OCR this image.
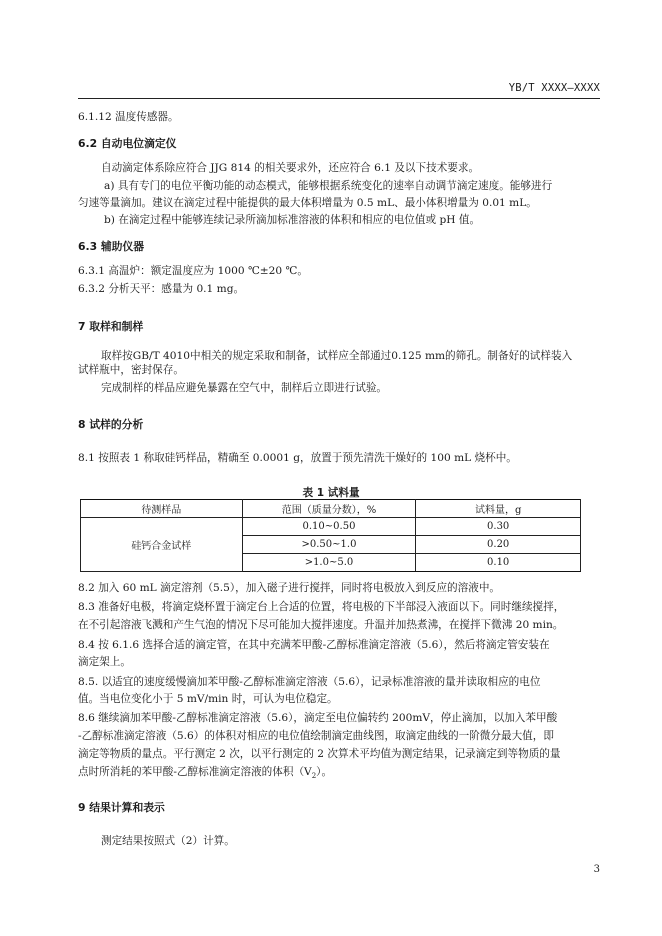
YB/T XXXX—XXXX
6.1.12 温度传感器。
6.2 自动电位滴定仪
自动滴定体系除应符合 JJG 814 的相关要求外，还应符合 6.1 及以下技术要求。
a) 具有专门的电位平衡功能的动态模式，能够根据系统变化的速率自动调节滴定速度。能够进行
匀速等量滴加。建议在滴定过程中能提供的最大体积增量为 0.5 mL、最小体积增量为 0.01 mL。
b) 在滴定过程中能够连续记录所滴加标准溶液的体积和相应的电位值或 pH 值。
6.3 辅助仪器
6.3.1 高温炉：额定温度应为 1000 ℃±20 ℃。
6.3.2 分析天平：感量为 0.1 mg。
7 取样和制样
取样按GB/T 4010中相关的规定采取和制备，试样应全部通过0.125 mm的筛孔。制备好的试样装入
试样瓶中，密封保存。
完成制样的样品应避免暴露在空气中，制样后立即进行试验。
8 试样的分析
8.1 按照表 1 称取硅钙样品，精确至 0.0001 g，放置于预先清洗干燥好的 100 mL 烧杯中。
表 1 试料量
待测样品	范围（质量分数），%	试料量，g
硅钙合金试样	0.10~0.50	0.30
	>0.50~1.0	0.20
	>1.0~5.0	0.10
8.2 加入 60 mL 滴定溶剂（5.5），加入磁子进行搅拌，同时将电极放入到反应的溶液中。
8.3 准备好电极，将滴定烧杯置于滴定台上合适的位置，将电极的下半部浸入液面以下。同时继续搅拌，
在不引起溶液飞溅和产生气泡的情况下尽可能加大搅拌速度。升温并加热煮沸，在搅拌下微沸 20 min。
8.4 按 6.1.6 选择合适的滴定管，在其中充满苯甲酸-乙醇标准滴定溶液（5.6），然后将滴定管安装在
滴定架上。
8.5. 以适宜的速度缓慢滴加苯甲酸-乙醇标准滴定溶液（5.6），记录标准溶液的量并读取相应的电位
值。当电位变化小于 5 mV/min 时，可认为电位稳定。
8.6 继续滴加苯甲酸-乙醇标准滴定溶液（5.6），滴定至电位偏转约 200mV，停止滴加，以加入苯甲酸
-乙醇标准滴定溶液（5.6）的体积对相应的电位值绘制滴定曲线图，取滴定曲线的一阶微分最大值，即
滴定等物质的量点。平行测定 2 次，以平行测定的 2 次算术平均值为测定结果，记录滴定到等物质的量
点时所消耗的苯甲酸-乙醇标准滴定溶液的体积$(V_2)$。
9 结果计算和表示
测定结果按照式（2）计算。
3
